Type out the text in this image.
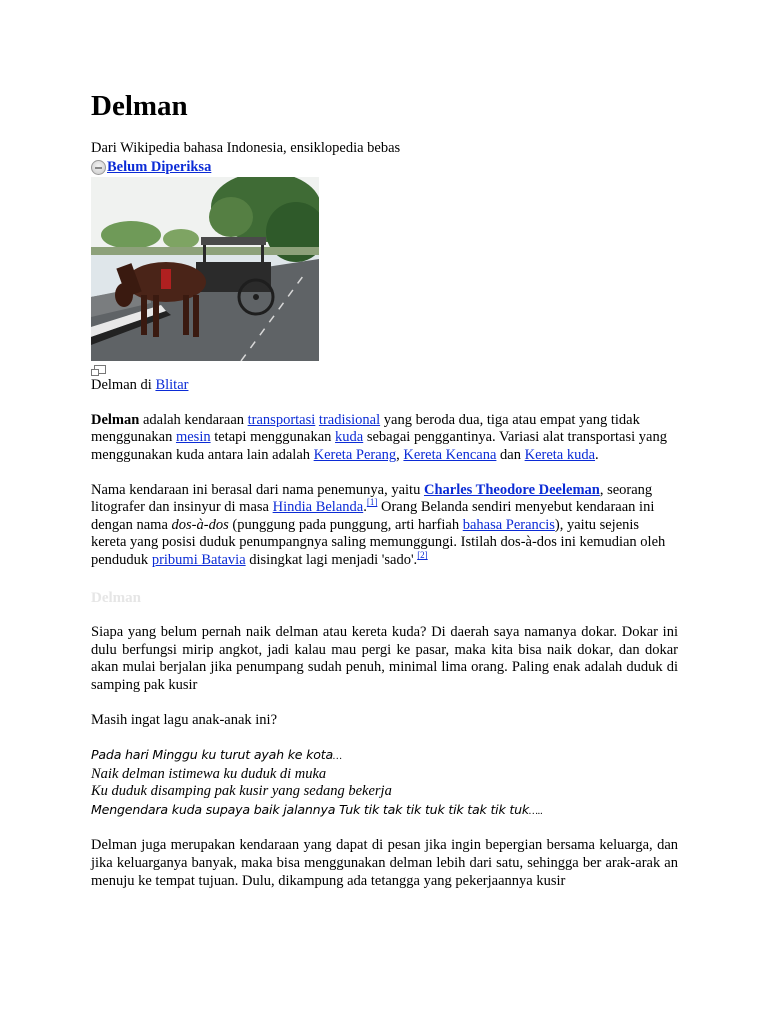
Delman
Dari Wikipedia bahasa Indonesia, ensiklopedia bebas
Belum Diperiksa
Delman di Blitar

Delman adalah kendaraan transportasi tradisional yang beroda dua, tiga atau empat yang tidak menggunakan mesin tetapi menggunakan kuda sebagai penggantinya. Variasi alat transportasi yang menggunakan kuda antara lain adalah Kereta Perang, Kereta Kencana dan Kereta kuda.

Nama kendaraan ini berasal dari nama penemunya, yaitu Charles Theodore Deeleman, seorang litografer dan insinyur di masa Hindia Belanda.[1] Orang Belanda sendiri menyebut kendaraan ini dengan nama dos-à-dos (punggung pada punggung, arti harfiah bahasa Perancis), yaitu sejenis kereta yang posisi duduk penumpangnya saling memunggungi. Istilah dos-à-dos ini kemudian oleh penduduk pribumi Batavia disingkat lagi menjadi 'sado'.[2]

Delman

Siapa yang belum pernah naik delman atau kereta kuda? Di daerah saya namanya dokar. Dokar ini dulu berfungsi mirip angkot, jadi kalau mau pergi ke pasar, maka kita bisa naik dokar, dan dokar akan mulai berjalan jika penumpang sudah penuh, minimal lima orang. Paling enak adalah duduk di samping pak kusir

Masih ingat lagu anak-anak ini?

Pada hari Minggu ku turut ayah ke kota…
Naik delman istimewa ku duduk di muka
Ku duduk disamping pak kusir yang sedang bekerja
Mengendara kuda supaya baik jalannya Tuk tik tak tik tuk tik tak tik tuk…..

Delman juga merupakan kendaraan yang dapat di pesan jika ingin bepergian bersama keluarga, dan jika keluarganya banyak, maka bisa menggunakan delman lebih dari satu, sehingga ber arak-arak an menuju ke tempat tujuan. Dulu, dikampung ada tetangga yang pekerjaannya kusir
